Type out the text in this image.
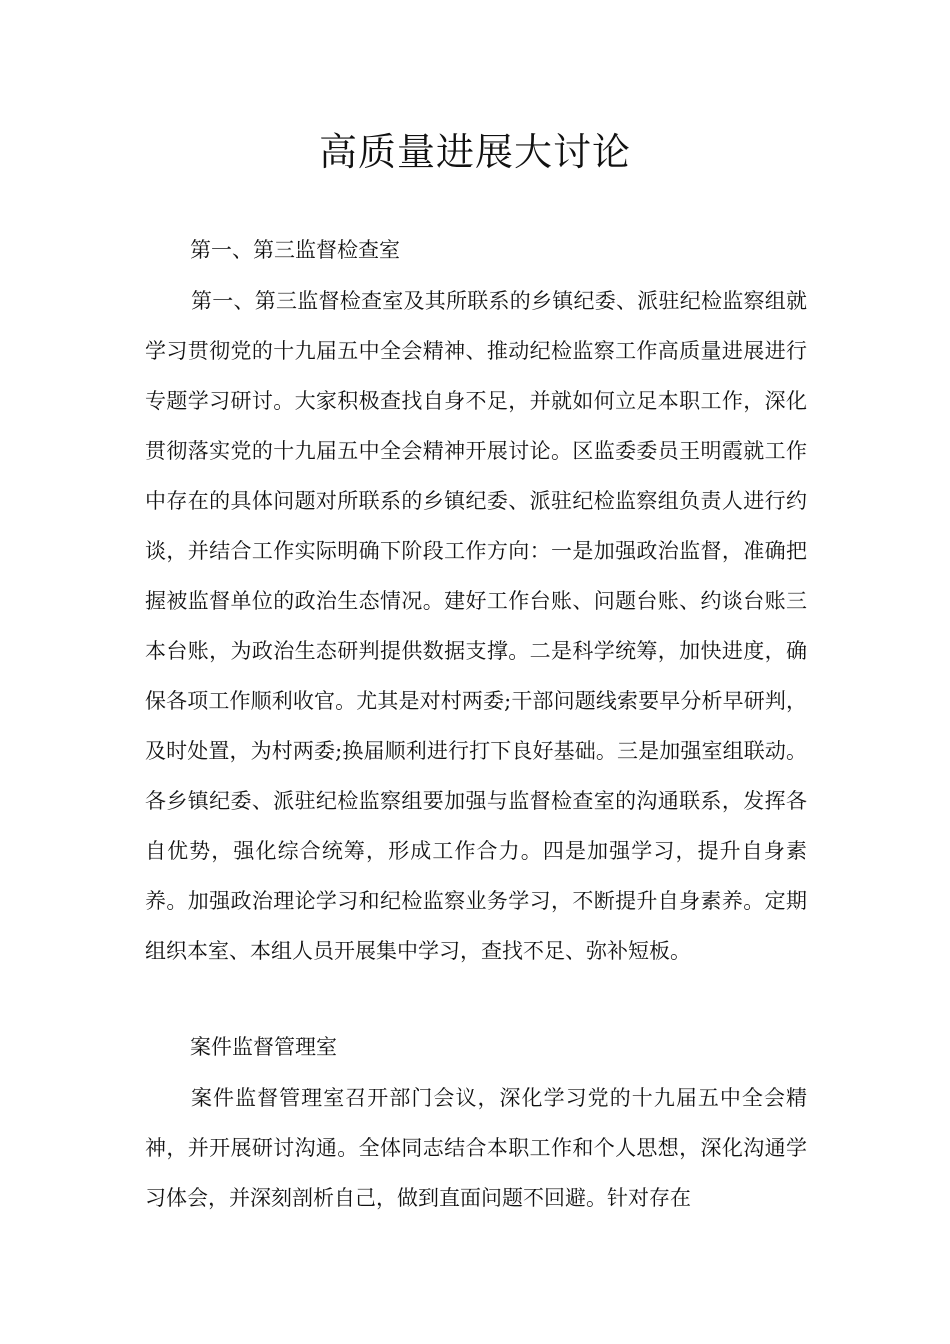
高质量进展大讨论

第一、第三监督检查室

第一、第三监督检查室及其所联系的乡镇纪委、派驻纪检监察组就学习贯彻党的十九届五中全会精神、推动纪检监察工作高质量进展进行专题学习研讨。大家积极查找自身不足，并就如何立足本职工作，深化贯彻落实党的十九届五中全会精神开展讨论。区监委委员王明霞就工作中存在的具体问题对所联系的乡镇纪委、派驻纪检监察组负责人进行约谈，并结合工作实际明确下阶段工作方向：一是加强政治监督，准确把握被监督单位的政治生态情况。建好工作台账、问题台账、约谈台账三本台账，为政治生态研判提供数据支撑。二是科学统筹，加快进度，确保各项工作顺利收官。尤其是对村两委;干部问题线索要早分析早研判，及时处置，为村两委;换届顺利进行打下良好基础。三是加强室组联动。各乡镇纪委、派驻纪检监察组要加强与监督检查室的沟通联系，发挥各自优势，强化综合统筹，形成工作合力。四是加强学习，提升自身素养。加强政治理论学习和纪检监察业务学习，不断提升自身素养。定期组织本室、本组人员开展集中学习，查找不足、弥补短板。

案件监督管理室

案件监督管理室召开部门会议，深化学习党的十九届五中全会精神，并开展研讨沟通。全体同志结合本职工作和个人思想，深化沟通学习体会，并深刻剖析自己，做到直面问题不回避。针对存在
